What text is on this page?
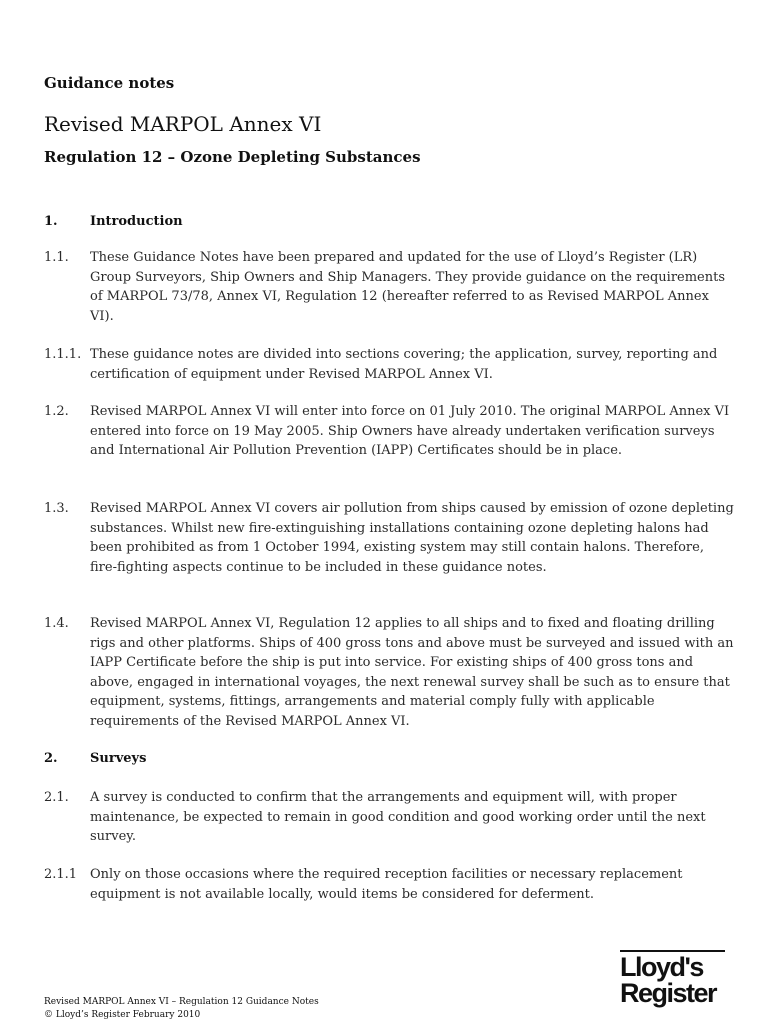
Guidance notes
Revised MARPOL Annex VI
Regulation 12 – Ozone Depleting Substances
1.	Introduction
1.1.	These Guidance Notes have been prepared and updated for the use of Lloyd’s Register (LR) Group Surveyors, Ship Owners and Ship Managers. They provide guidance on the requirements of MARPOL 73/78, Annex VI, Regulation 12 (hereafter referred to as Revised MARPOL Annex VI).
1.1.1. These guidance notes are divided into sections covering; the application, survey, reporting and certification of equipment under Revised MARPOL Annex VI.
1.2.	Revised MARPOL Annex VI will enter into force on 01 July 2010. The original MARPOL Annex VI entered into force on 19 May 2005. Ship Owners have already undertaken verification surveys and International Air Pollution Prevention (IAPP) Certificates should be in place.
1.3.	Revised MARPOL Annex VI covers air pollution from ships caused by emission of ozone depleting substances. Whilst new fire-extinguishing installations containing ozone depleting halons had been prohibited as from 1 October 1994, existing system may still contain halons. Therefore, fire-fighting aspects continue to be included in these guidance notes.
1.4.	Revised MARPOL Annex VI, Regulation 12 applies to all ships and to fixed and floating drilling rigs and other platforms. Ships of 400 gross tons and above must be surveyed and issued with an IAPP Certificate before the ship is put into service. For existing ships of 400 gross tons and above, engaged in international voyages, the next renewal survey shall be such as to ensure that equipment, systems, fittings, arrangements and material comply fully with applicable requirements of the Revised MARPOL Annex VI.
2.	Surveys
2.1.	A survey is conducted to confirm that the arrangements and equipment will, with proper maintenance, be expected to remain in good condition and good working order until the next survey.
2.1.1 Only on those occasions where the required reception facilities or necessary replacement equipment is not available locally, would items be considered for deferment.
Revised MARPOL Annex VI – Regulation 12 Guidance Notes
© Lloyd’s Register February 2010
Lloyd's
Register
